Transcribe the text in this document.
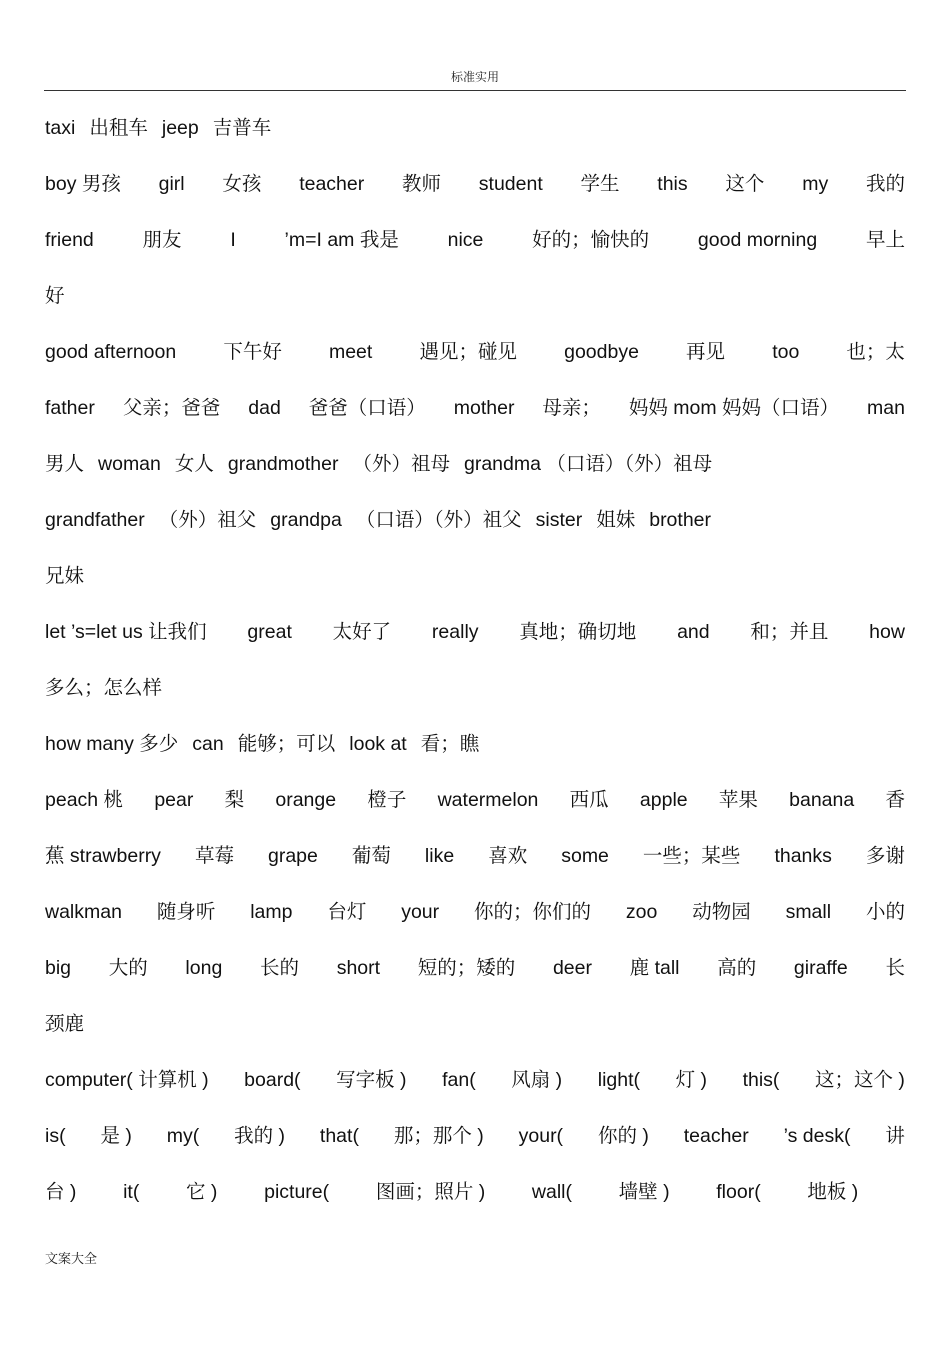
标准实用
taxi 出租车 jeep 吉普车
boy 男孩 girl 女孩 teacher 教师 student 学生 this 这个 my 我的
friend	朋友	I	’m=I am 我是	nice	好的；愉快的	good morning	早上
好
good afternoon 下午好 meet 遇见；碰见 goodbye 再见 too 也；太
father 父亲；爸爸 dad 爸爸（口语） mother 母亲； 妈妈 mom 妈妈（口语） man
男人 woman 女人 grandmother （外）祖母 grandma （口语）（外）祖母
grandfather （外）祖父 grandpa （口语）（外）祖父 sister 姐妹 brother
兄妹
let ’s=let us 让我们 great 太好了 really 真地；确切地 and 和；并且 how
多么；怎么样
how many 多少 can 能够；可以 look at 看；瞧
peach 桃 pear 梨 orange 橙子 watermelon 西瓜 apple 苹果 banana 香
蕉 strawberry 草莓 grape 葡萄 like 喜欢 some 一些；某些 thanks 多谢
walkman 随身听 lamp 台灯 your 你的；你们的 zoo 动物园 small 小的
big 大的 long 长的 short 短的；矮的 deer 鹿 tall 高的 giraffe 长
颈鹿
computer( 计算机 ) board( 写字板 ) fan( 风扇 ) light( 灯 ) this( 这；这个 )
is( 是 ) my( 我的 ) that( 那；那个 ) your( 你的 ) teacher ’s desk( 讲
台 ) it( 它 ) picture( 图画；照片 ) wall( 墙壁 ) floor( 地板 )
文案大全
